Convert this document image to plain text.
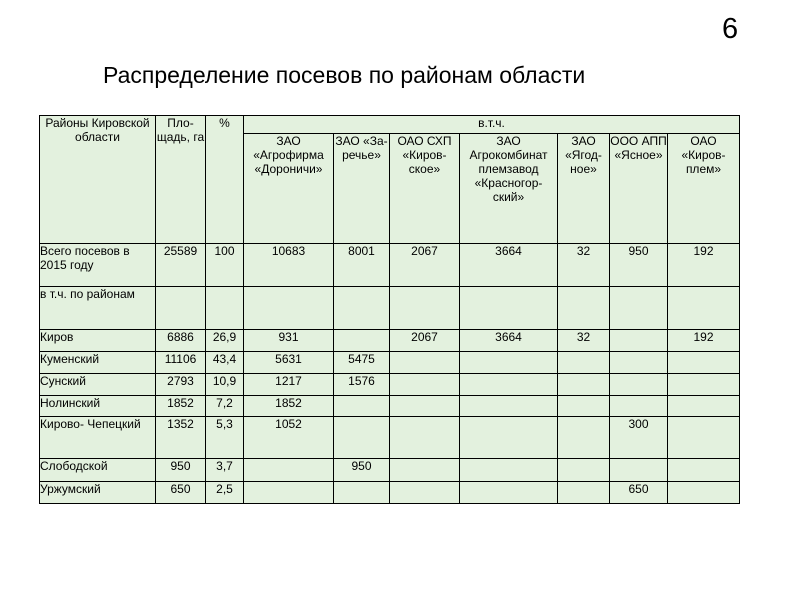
6
Распределение посевов по районам области
Районы Кировской области	Пло- щадь, га	%	в.т.ч.						
			ЗАО «Агрофирма «Дороничи»	ЗАО «За- речье»	ОАО СХП «Киров- ское»	ЗАО Агрокомбинат племзавод «Красногор- ский»	ЗАО «Ягод- ное»	ООО АПП «Ясное»	ОАО «Киров- плем»
Всего посевов в 2015 году	25589	100	10683	8001	2067	3664	32	950	192
в т.ч. по районам									
Киров	6886	26,9	931		2067	3664	32		192
Куменский	11106	43,4	5631	5475					
Сунский	2793	10,9	1217	1576					
Нолинский	1852	7,2	1852						
Кирово- Чепецкий	1352	5,3	1052					300	
Слободской	950	3,7		950					
Уржумский	650	2,5						650	
